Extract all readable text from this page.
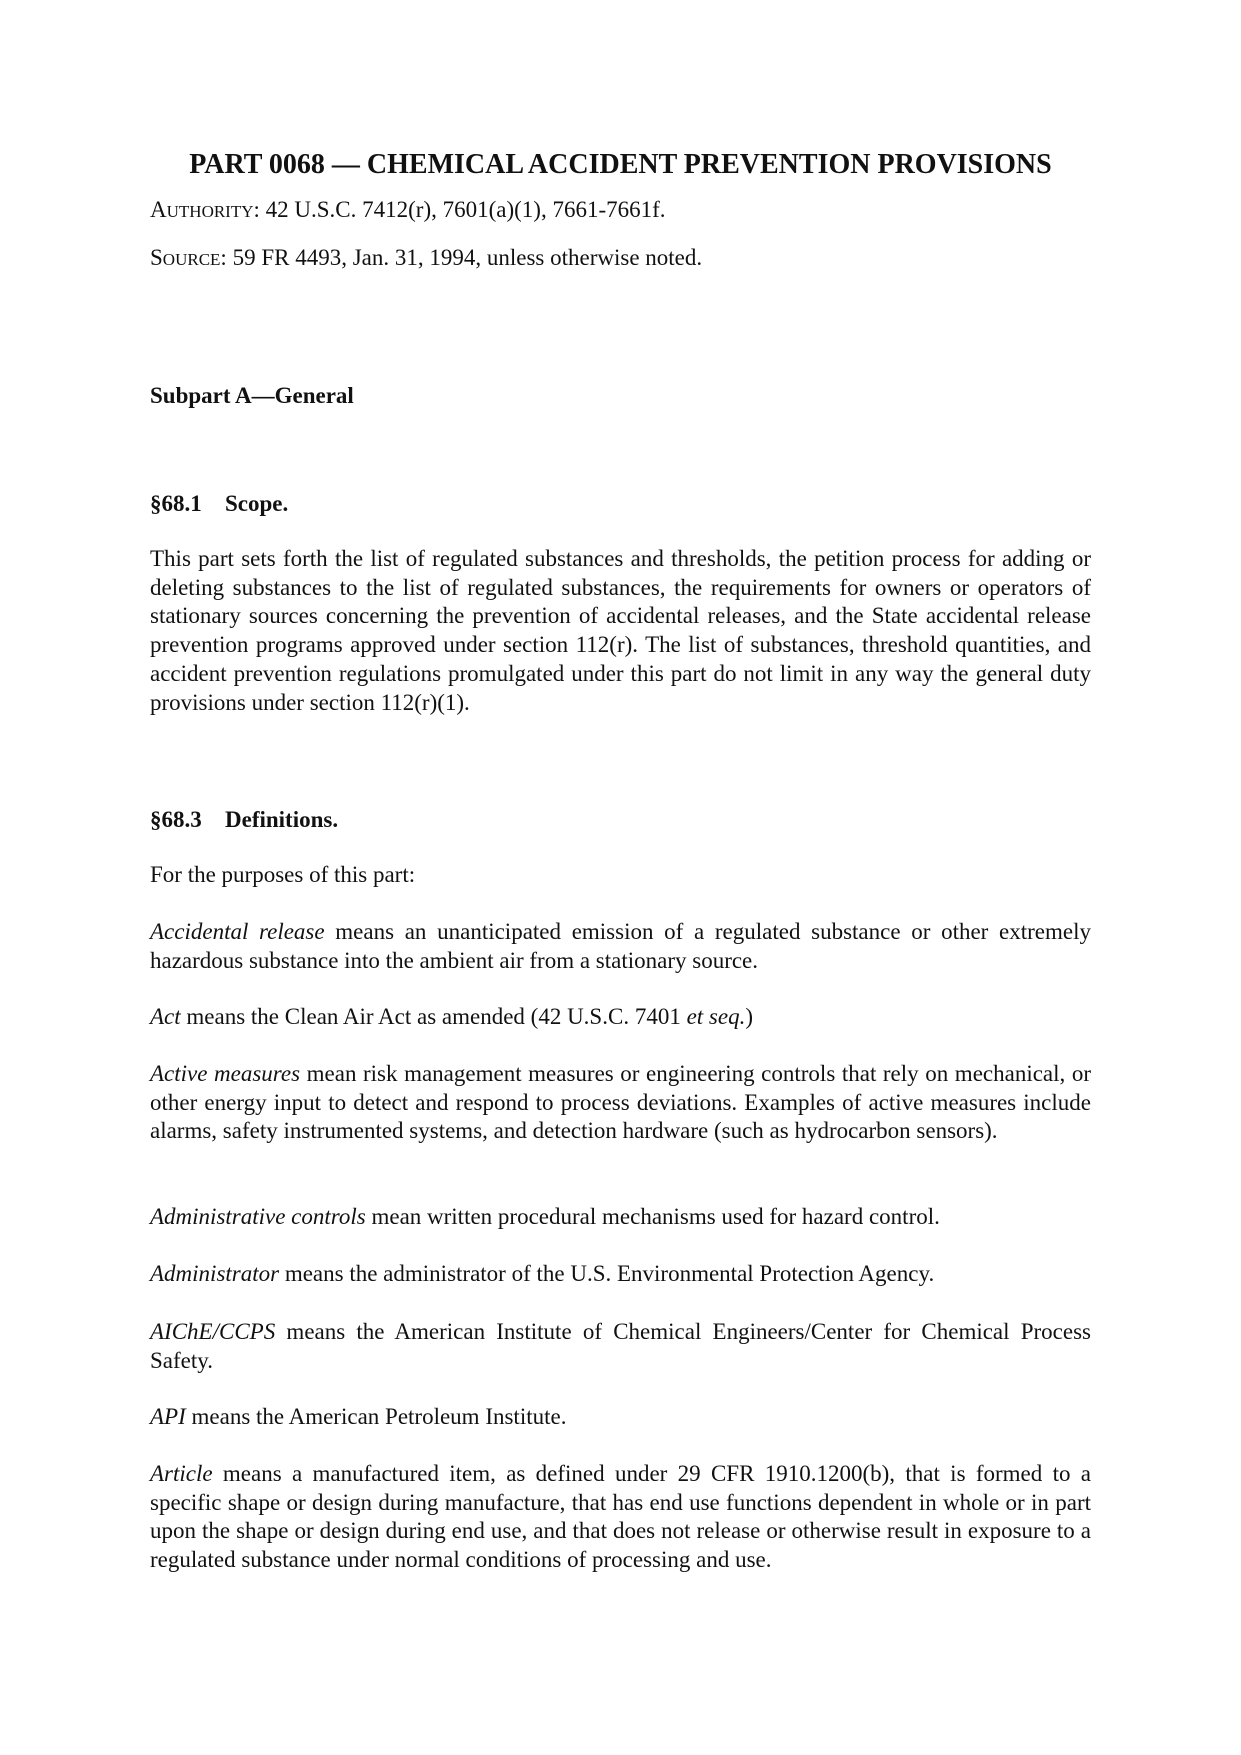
PART 0068 — CHEMICAL ACCIDENT PREVENTION PROVISIONS

AUTHORITY: 42 U.S.C. 7412(r), 7601(a)(1), 7661-7661f.

SOURCE: 59 FR 4493, Jan. 31, 1994, unless otherwise noted.

Subpart A—General
§68.1 Scope.

This part sets forth the list of regulated substances and thresholds, the petition process for adding or deleting substances to the list of regulated substances, the requirements for owners or operators of stationary sources concerning the prevention of accidental releases, and the State accidental release prevention programs approved under section 112(r). The list of substances, threshold quantities, and accident prevention regulations promulgated under this part do not limit in any way the general duty provisions under section 112(r)(1).

§68.3 Definitions.

For the purposes of this part:

Accidental release means an unanticipated emission of a regulated substance or other extremely hazardous substance into the ambient air from a stationary source.

Act means the Clean Air Act as amended (42 U.S.C. 7401 et seq.)

Active measures mean risk management measures or engineering controls that rely on mechanical, or other energy input to detect and respond to process deviations. Examples of active measures include alarms, safety instrumented systems, and detection hardware (such as hydrocarbon sensors).

Administrative controls mean written procedural mechanisms used for hazard control.

Administrator means the administrator of the U.S. Environmental Protection Agency.

AIChE/CCPS means the American Institute of Chemical Engineers/Center for Chemical Process Safety.

API means the American Petroleum Institute.

Article means a manufactured item, as defined under 29 CFR 1910.1200(b), that is formed to a specific shape or design during manufacture, that has end use functions dependent in whole or in part upon the shape or design during end use, and that does not release or otherwise result in exposure to a regulated substance under normal conditions of processing and use.
